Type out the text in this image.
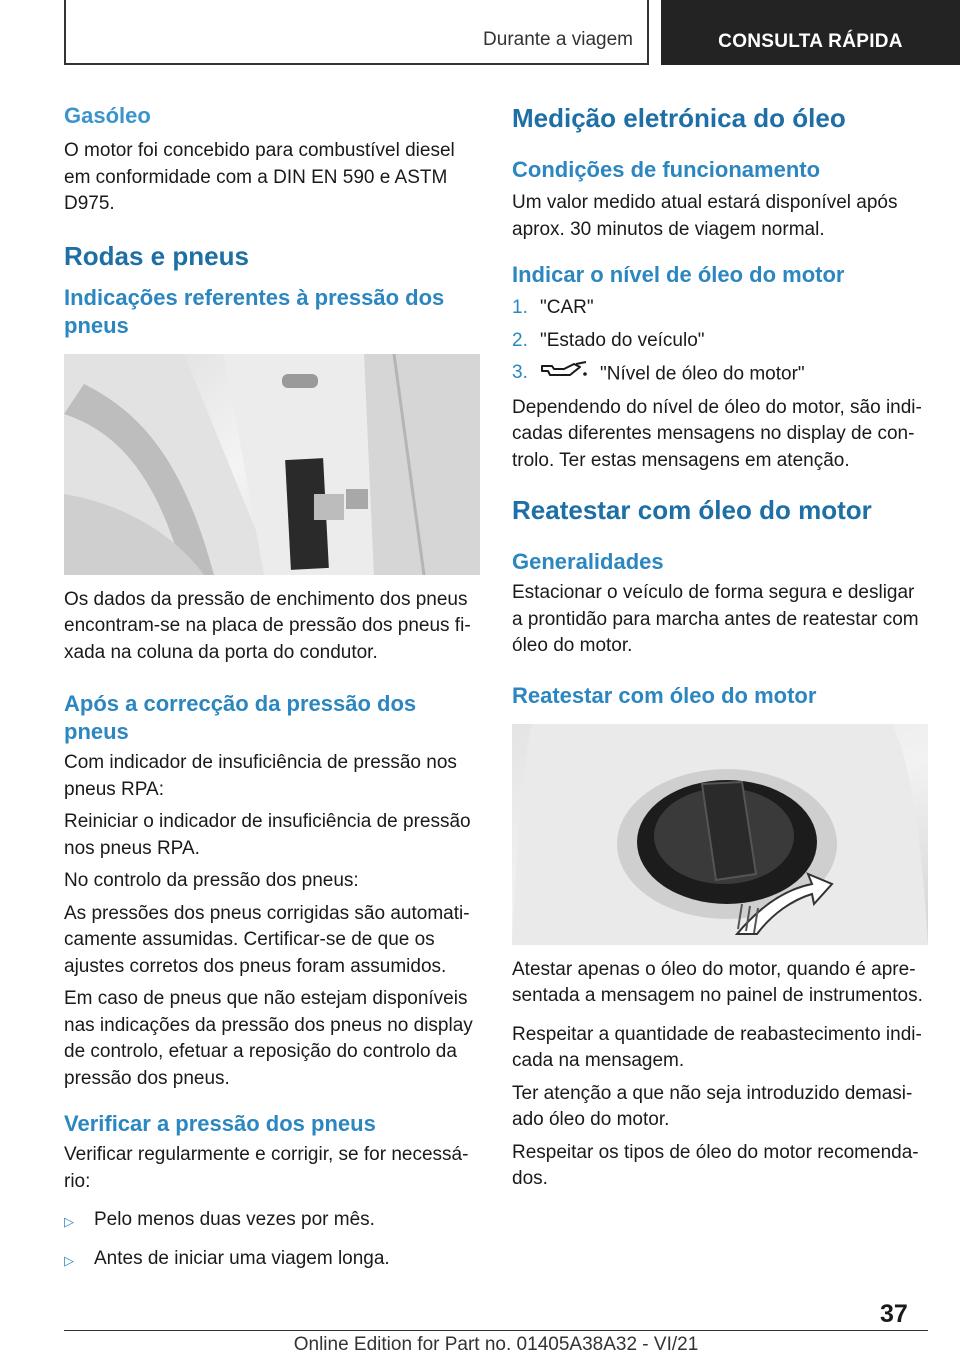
Durante a viagem	CONSULTA RÁPIDA
Gasóleo
O motor foi concebido para combustível diesel em conformidade com a DIN EN 590 e ASTM D975.
Rodas e pneus
Indicações referentes à pressão dos pneus
Os dados da pressão de enchimento dos pneus encontram-se na placa de pressão dos pneus fixada na coluna da porta do condutor.
Após a correcção da pressão dos pneus
Com indicador de insuficiência de pressão nos pneus RPA:
Reiniciar o indicador de insuficiência de pressão nos pneus RPA.
No controlo da pressão dos pneus:
As pressões dos pneus corrigidas são automaticamente assumidas. Certificar-se de que os ajustes corretos dos pneus foram assumidos.
Em caso de pneus que não estejam disponíveis nas indicações da pressão dos pneus no display de controlo, efetuar a reposição do controlo da pressão dos pneus.
Verificar a pressão dos pneus
Verificar regularmente e corrigir, se for necessário:
▷	Pelo menos duas vezes por mês.
▷	Antes de iniciar uma viagem longa.
Medição eletrónica do óleo
Condições de funcionamento
Um valor medido atual estará disponível após aprox. 30 minutos de viagem normal.
Indicar o nível de óleo do motor
1. "CAR"
2. "Estado do veículo"
3.	"Nível de óleo do motor"
Dependendo do nível de óleo do motor, são indicadas diferentes mensagens no display de controlo. Ter estas mensagens em atenção.
Reatestar com óleo do motor
Generalidades
Estacionar o veículo de forma segura e desligar a prontidão para marcha antes de reatestar com óleo do motor.
Reatestar com óleo do motor
Atestar apenas o óleo do motor, quando é apresentada a mensagem no painel de instrumentos.
Respeitar a quantidade de reabastecimento indicada na mensagem.
Ter atenção a que não seja introduzido demasiado óleo do motor.
Respeitar os tipos de óleo do motor recomendados.
37
Online Edition for Part no. 01405A38A32 - VI/21
